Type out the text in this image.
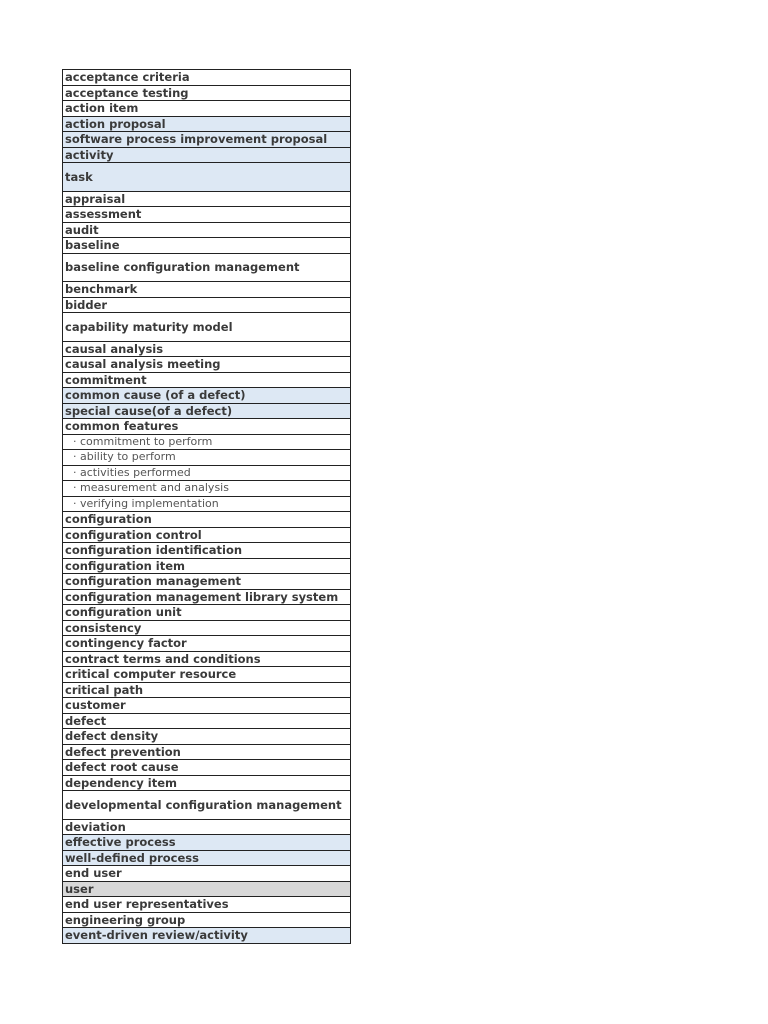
acceptance criteria
acceptance testing
action item
action proposal
software process improvement proposal
activity
task
appraisal
assessment
audit
baseline
baseline configuration management
benchmark
bidder
capability maturity model
causal analysis
causal analysis meeting
commitment
common cause (of a defect)
special cause(of a defect)
common features
· commitment to perform
· ability to perform
· activities performed
· measurement and analysis
· verifying implementation
configuration
configuration control
configuration identification
configuration item
configuration management
configuration management library system
configuration unit
consistency
contingency factor
contract terms and conditions
critical computer resource
critical path
customer
defect
defect density
defect prevention
defect root cause
dependency item
developmental configuration management
deviation
effective process
well-defined process
end user
user
end user representatives
engineering group
event-driven review/activity
